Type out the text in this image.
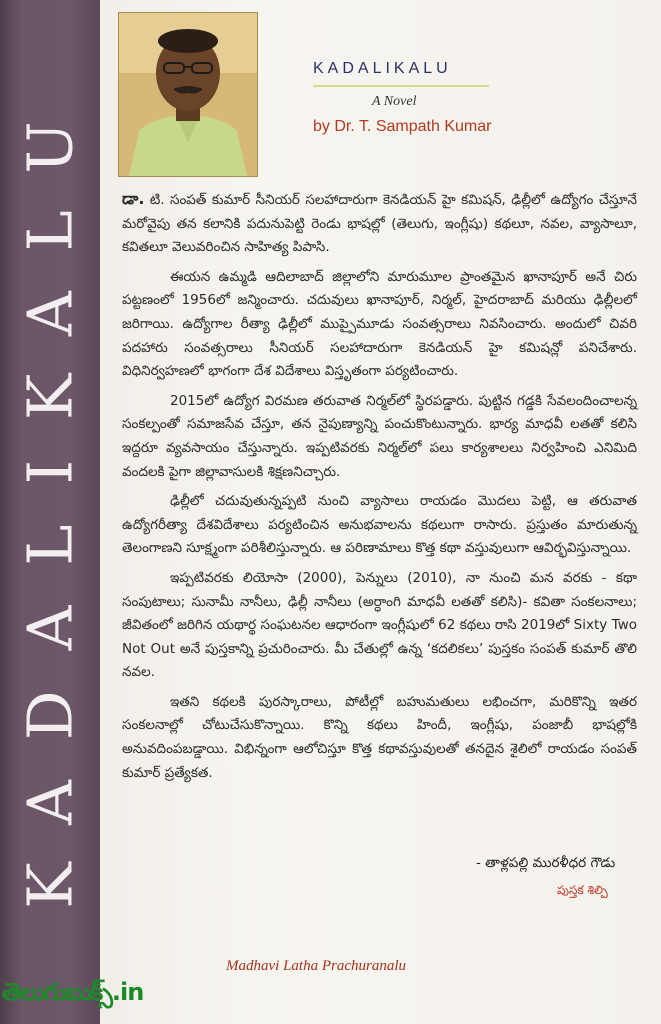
KADALIKALU
KADALIKALU
A Novel
by Dr. T. Sampath Kumar

డా. టి. సంపత్ కుమార్ సీనియర్ సలహాదారుగా కెనడియన్ హై కమిషన్, ఢిల్లీలో ఉద్యోగం చేస్తూనే మరోవైపు తన కలానికి పదునుపెట్టి రెండు భాషల్లో (తెలుగు, ఇంగ్లీషు) కథలూ, నవల, వ్యాసాలూ, కవితలూ వెలువరించిన సాహిత్య పిపాసి.

ఈయన ఉమ్మడి ఆదిలాబాద్ జిల్లాలోని మారుమూల ప్రాంతమైన ఖానాపూర్ అనే చిరు పట్టణంలో 1956లో జన్మించారు. చదువులు ఖానాపూర్, నిర్మల్, హైదరాబాద్ మరియు ఢిల్లీలలో జరిగాయి. ఉద్యోగాల రీత్యా ఢిల్లీలో ముప్పైమూడు సంవత్సరాలు నివసించారు. అందులో చివరి పదహారు సంవత్సరాలు సీనియర్ సలహాదారుగా కెనడియన్ హై కమిషన్లో పనిచేశారు. విధినిర్వహణలో భాగంగా దేశ విదేశాలు విస్తృతంగా పర్యటించారు.

2015లో ఉద్యోగ విరమణ తరువాత నిర్మల్‌లో స్థిరపడ్డారు. పుట్టిన గడ్డకి సేవలందించాలన్న సంకల్పంతో సమాజసేవ చేస్తూ, తన నైపుణ్యాన్ని పంచుకొంటున్నారు. భార్య మాధవీ లతతో కలిసి ఇద్దరూ వ్యవసాయం చేస్తున్నారు. ఇప్పటివరకు నిర్మల్‌లో పలు కార్యశాలలు నిర్వహించి ఎనిమిది వందలకి పైగా జిల్లావాసులకి శిక్షణనిచ్చారు.

ఢిల్లీలో చదువుతున్నప్పటి నుంచి వ్యాసాలు రాయడం మొదలు పెట్టి, ఆ తరువాత ఉద్యోగరీత్యా దేశవిదేశాలు పర్యటించిన అనుభవాలను కథలుగా రాసారు. ప్రస్తుతం మారుతున్న తెలంగాణని సూక్ష్మంగా పరిశీలిస్తున్నారు. ఆ పరిణామాలు కొత్త కథా వస్తువులుగా ఆవిర్భవిస్తున్నాయి.

ఇప్పటివరకు లియోసా (2000), పెన్నులు (2010), నా నుంచి మన వరకు - కథా సంపుటాలు; సునామీ నానీలు, ఢిల్లీ నానీలు (అర్ధాంగి మాధవీ లతతో కలిసి)- కవితా సంకలనాలు; జీవితంలో జరిగిన యథార్థ సంఘటనల ఆధారంగా ఇంగ్లీషులో 62 కథలు రాసి 2019లో Sixty Two Not Out అనే పుస్తకాన్ని ప్రచురించారు. మీ చేతుల్లో ఉన్న ‘కదలికలు’ పుస్తకం సంపత్ కుమార్ తొలి నవల.

ఇతని కథలకి పురస్కారాలు, పోటీల్లో బహుమతులు లభించగా, మరికొన్ని ఇతర సంకలనాల్లో చోటుచేసుకొన్నాయి. కొన్ని కథలు హిందీ, ఇంగ్లీషు, పంజాబీ భాషల్లోకి అనువదింపబడ్డాయి. విభిన్నంగా ఆలోచిస్తూ కొత్త కథావస్తువులతో తనదైన శైలిలో రాయడం సంపత్ కుమార్ ప్రత్యేకత.

- తాళ్లపల్లి మురళీధర గౌడు
పుస్తక శిల్పి
Madhavi Latha Prachuranalu
తెలుగుబుక్స్.in
